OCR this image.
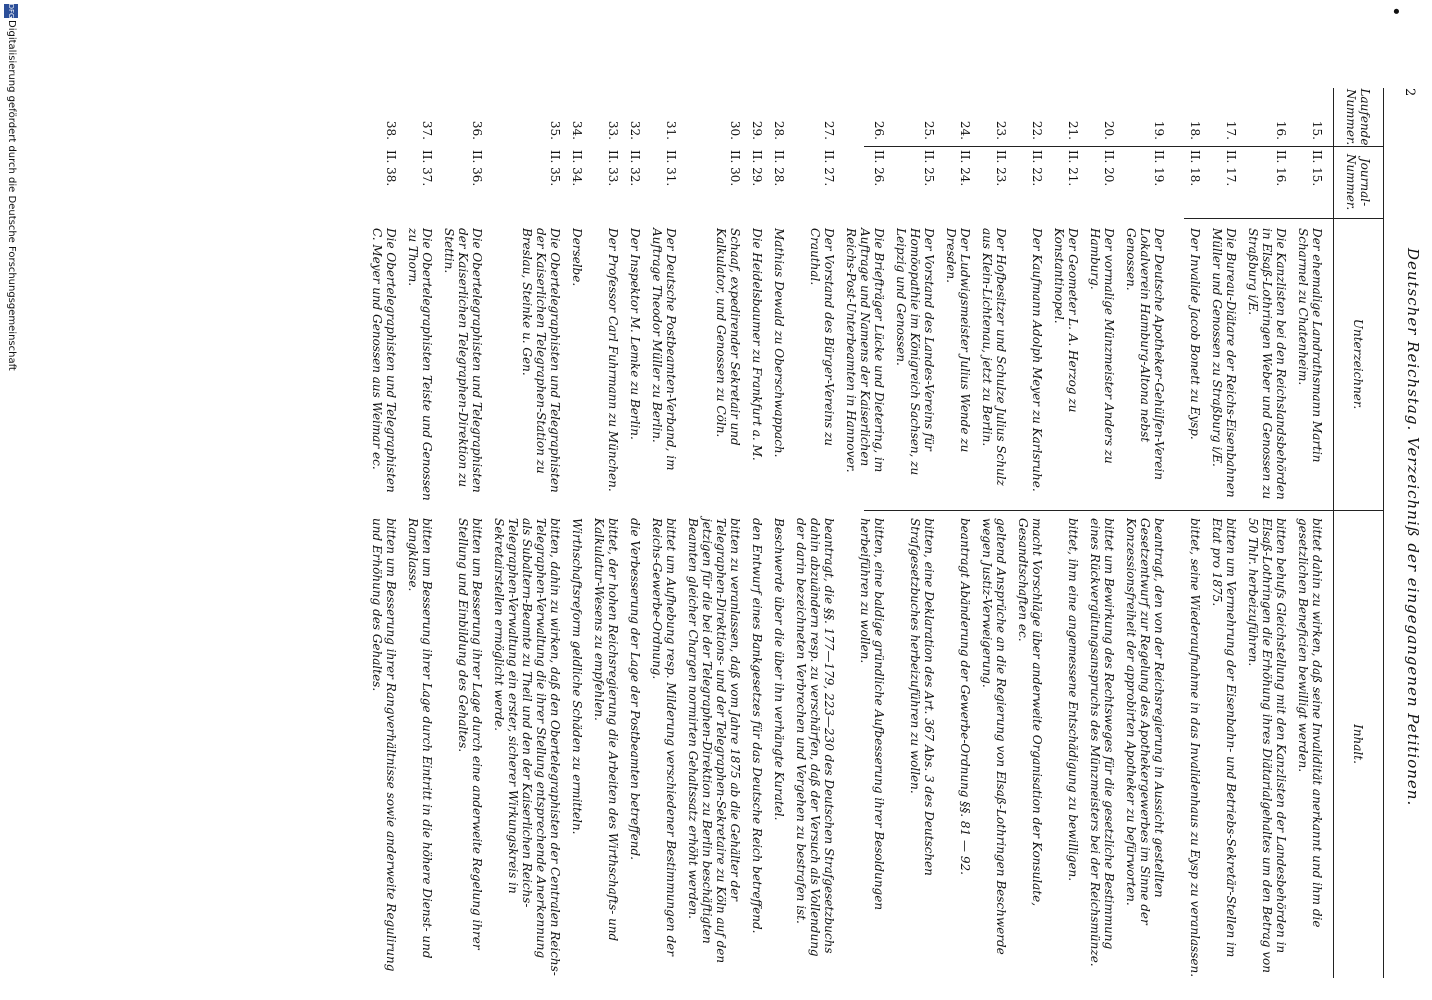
•
2
Deutscher Reichstag. Verzeichniß der eingegangenen Petitionen.
Laufende Nummer.
Journal-Nummer.
Unterzeichner.
Inhalt.
15.
II. 15.
Der ehemalige Landrathsmann Martin Scharmel zu Chatenheim.
bittet dahin zu wirken, daß seine Invalidität anerkannt und ihm die gesetzlichen Beneficien bewilligt werden.
16.
II. 16.
Die Kanzlisten bei den Reichslandsbehörden in Elsaß-Lothringen Weber und Genossen zu Straßburg i/E.
bitten behufs Gleichstellung mit den Kanzlisten der Landesbehörden in Elsaß-Lothringen die Erhöhung ihres Diätarialgehaltes um den Betrag von 50 Thlr. herbeizuführen.
17.
II. 17.
Die Bureau-Diätare der Reichs-Eisenbahnen Müller und Genossen zu Straßburg i/E.
bitten um Vermehrung der Eisenbahn- und Betriebs-Sekretär-Stellen im Etat pro 1875.
18.
II. 18.
Der Invalide Jacob Bonett zu Eysp.
bittet, seine Wiederaufnahme in das Invalidenhaus zu Eysp zu veranlassen.
19.
II. 19.
Der Deutsche Apotheker-Gehülfen-Verein Lokalverein Hamburg-Altona nebst Genossen.
beantragt, den von der Reichsregierung in Aussicht gestellten Gesetzentwurf zur Regelung des Apothekergewerbes im Sinne der Konzessionsfreiheit der approbirten Apotheker zu befürworten.
20.
II. 20.
Der vormalige Münzmeister Anders zu Hamburg.
bittet um Bewirkung des Rechtsweges für die gesetzliche Bestimmung eines Rückvergütungsanspruchs des Münzmeisters bei der Reichsmünze.
21.
II. 21.
Der Geometer L. A. Herzog zu Konstantinopel.
bittet, ihm eine angemessene Entschädigung zu bewilligen.
22.
II. 22.
Der Kaufmann Adolph Meyer zu Karlsruhe.
macht Vorschläge über anderweite Organisation der Konsulate, Gesandtschaften ec.
23.
II. 23.
Der Hofbesitzer und Schulze Julius Schulz aus Klein-Lichtenau, jetzt zu Berlin.
geltend Ansprüche an die Regierung von Elsaß-Lothringen Beschwerde wegen Justiz-Verweigerung.
24.
II. 24.
Der Ludwigsmeister Julius Wende zu Dresden.
beantragt Abänderung der Gewerbe-Ordnung §§. 81 — 92.
25.
II. 25.
Der Vorstand des Landes-Vereins für Homöopathie im Königreich Sachsen, zu Leipzig und Genossen.
bitten, eine Deklaration des Art. 367 Abs. 3 des Deutschen Strafgesetzbuches herbeizuführen zu wollen.
26.
II. 26.
Die Briefträger Lücke und Dietering, im Auftrage und Namens der Kaiserlichen Reichs-Post-Unterbeamten in Hannover.
bitten, eine baldige gründliche Aufbesserung ihrer Besoldungen herbeiführen zu wollen.
27.
II. 27.
Der Vorstand des Bürger-Vereins zu Crauthal.
beantragt, die §§. 177—179, 223—230 des Deutschen Strafgesetzbuchs dahin abzuändern resp. zu verschärfen, daß der Versuch als Vollendung der darin bezeichneten Verbrechen und Vergehen zu bestrafen ist.
28.
II. 28.
Mathias Dewald zu Oberschwappach.
Beschwerde über die über ihn verhängte Kuratel.
29.
II. 29.
Die Heidelsbaumer zu Frankfurt a. M.
den Entwurf eines Bankgesetzes für das Deutsche Reich betreffend.
30.
II. 30.
Schaaf, expedirender Sekretair und Kalkulator, und Genossen zu Cöln.
bitten zu veranlassen, daß vom Jahre 1875 ab die Gehälter der Telegraphen-Direktions- und der Telegraphen-Sekretaire zu Köln auf den jetzigen für die bei der Telegraphen-Direktion zu Berlin beschäftigten Beamten gleicher Chargen normirten Gehaltssatz erhöht werden.
31.
II. 31.
Der Deutsche Postbeamten-Verband, im Auftrage Theodor Müller zu Berlin.
bittet um Aufhebung resp. Milderung verschiedener Bestimmungen der Reichs-Gewerbe-Ordnung.
32.
II. 32.
Der Inspektor M. Lemke zu Berlin.
die Verbesserung der Lage der Postbeamten betreffend.
33.
II. 33.
Der Professor Carl Fuhrmann zu München.
bittet, der hohen Reichsregierung die Arbeiten des Wirthschafts- und Kalkulatur-Wesens zu empfehlen.
34.
II. 34.
Derselbe.
Wirthschaftsreform geldliche Schäden zu ermitteln.
35.
II. 35.
Die Obertelegraphisten und Telegraphisten der Kaiserlichen Telegraphen-Station zu Breslau, Steinke u. Gen.
bitten, dahin zu wirken, daß den Obertelegraphisten der Centralen Reichs-Telegraphen-Verwaltung die ihrer Stellung entsprechende Anerkennung als Subaltern-Beamte zu Theil und den der Kaiserlichen Reichs-Telegraphen-Verwaltung ein erster, sicherer Wirkungskreis in Sekretairstellen ermöglicht werde.
36.
II. 36.
Die Obertelegraphisten und Telegraphisten der Kaiserlichen Telegraphen-Direktion zu Stettin.
bitten um Besserung ihrer Lage durch eine anderweite Regelung ihrer Stellung und Einbildung des Gehaltes.
37.
II. 37.
Die Obertelegraphisten Teiste und Genossen zu Thorn.
bitten um Besserung ihrer Lage durch Eintritt in die höhere Dienst- und Rangklasse.
38.
II. 38.
Die Obertelegraphisten und Telegraphisten C. Meyer und Genossen aus Weimar ec.
bitten um Besserung ihrer Rangverhältnisse sowie anderweite Regulirung und Erhöhung des Gehaltes.
DFG
Digitalisierung gefördert durch die Deutsche Forschungsgemeinschaft
